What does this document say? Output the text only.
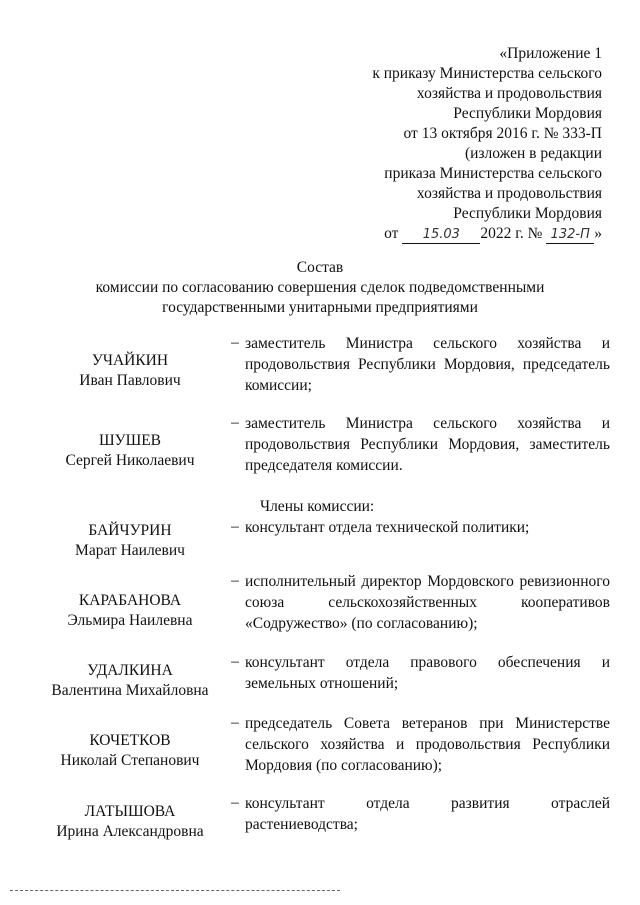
«Приложение 1
к приказу Министерства сельского
хозяйства и продовольствия
Республики Мордовия
от 13 октября 2016 г. № 333-П
(изложен в редакции
приказа Министерства сельского
хозяйства и продовольствия
Республики Мордовия
от 15.03 2022 г. № 132-П »
Состав
комиссии по согласованию совершения сделок подведомственными государственными унитарными предприятиями
УЧАЙКИН
Иван Павлович
– заместитель Министра сельского хозяйства и продовольствия Республики Мордовия, председатель комиссии;
ШУШЕВ
Сергей Николаевич
– заместитель Министра сельского хозяйства и продовольствия Республики Мордовия, заместитель председателя комиссии.
Члены комиссии:
БАЙЧУРИН
Марат Наилевич
– консультант отдела технической политики;
КАРАБАНОВА
Эльмира Наилевна
– исполнительный директор Мордовского ревизионного союза сельскохозяйственных кооперативов «Содружество» (по согласованию);
УДАЛКИНА
Валентина Михайловна
– консультант отдела правового обеспечения и земельных отношений;
КОЧЕТКОВ
Николай Степанович
– председатель Совета ветеранов при Министерстве сельского хозяйства и продовольствия Республики Мордовия (по согласованию);
ЛАТЫШОВА
Ирина Александровна
– консультант отдела развития отраслей растениеводства;
